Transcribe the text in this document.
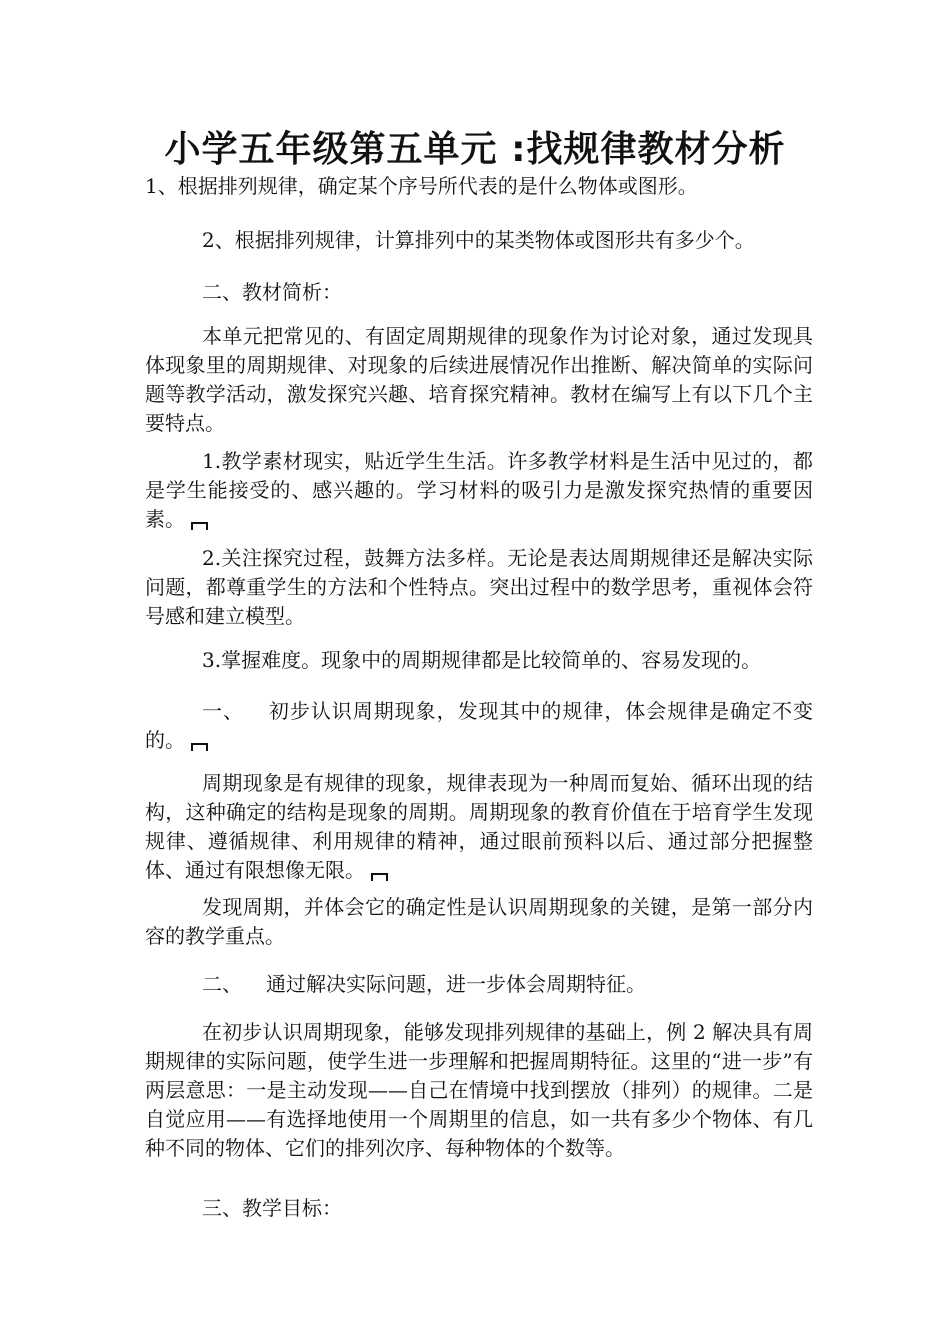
小学五年级第五单元 :找规律教材分析

1、根据排列规律，确定某个序号所代表的是什么物体或图形。

2、根据排列规律，计算排列中的某类物体或图形共有多少个。

二、教材简析：

本单元把常见的、有固定周期规律的现象作为讨论对象，通过发现具体现象里的周期规律、对现象的后续进展情况作出推断、解决简单的实际问题等教学活动，激发探究兴趣、培育探究精神。教材在编写上有以下几个主要特点。

1.教学素材现实，贴近学生生活。许多教学材料是生活中见过的，都是学生能接受的、感兴趣的。学习材料的吸引力是激发探究热情的重要因素。

2.关注探究过程，鼓舞方法多样。无论是表达周期规律还是解决实际问题，都尊重学生的方法和个性特点。突出过程中的数学思考，重视体会符号感和建立模型。

3.掌握难度。现象中的周期规律都是比较简单的、容易发现的。

一、 初步认识周期现象，发现其中的规律，体会规律是确定不变的。

周期现象是有规律的现象，规律表现为一种周而复始、循环出现的结构，这种确定的结构是现象的周期。周期现象的教育价值在于培育学生发现规律、遵循规律、利用规律的精神，通过眼前预料以后、通过部分把握整体、通过有限想像无限。

发现周期，并体会它的确定性是认识周期现象的关键，是第一部分内容的教学重点。

二、 通过解决实际问题，进一步体会周期特征。

在初步认识周期现象，能够发现排列规律的基础上，例 2 解决具有周期规律的实际问题，使学生进一步理解和把握周期特征。这里的“进一步”有两层意思：一是主动发现——自己在情境中找到摆放（排列）的规律。二是自觉应用——有选择地使用一个周期里的信息，如一共有多少个物体、有几种不同的物体、它们的排列次序、每种物体的个数等。

三、教学目标：
